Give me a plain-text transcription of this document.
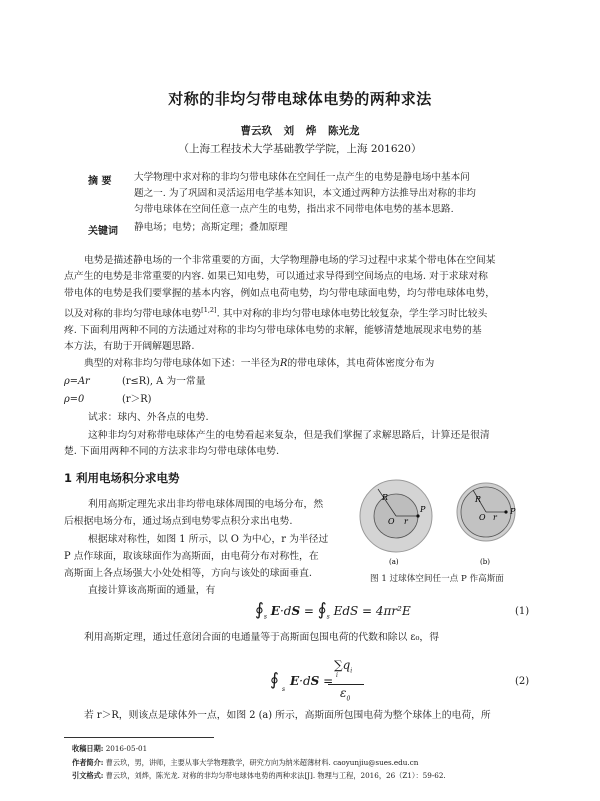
对称的非均匀带电球体电势的两种求法
曹云玖 刘 烨 陈光龙
（上海工程技术大学基础教学学院，上海 201620）
摘 要 大学物理中求对称的非均匀带电球体在空间任一点产生的电势是静电场中基本问
题之一. 为了巩固和灵活运用电学基本知识，本文通过两种方法推导出对称的非均
匀带电球体在空间任意一点产生的电势，指出求不同带电体电势的基本思路.
关键词 静电场；电势；高斯定理；叠加原理
电势是描述静电场的一个非常重要的方面，大学物理静电场的学习过程中求某个带电体在空间某
点产生的电势是非常重要的内容. 如果已知电势，可以通过求导得到空间场点的电场. 对于求球对称
带电体的电势是我们要掌握的基本内容，例如点电荷电势，均匀带电球面电势，均匀带电球体电势，
以及对称的非均匀带电球体电势[1,2]. 其中对称的非均匀带电球体电势比较复杂，学生学习时比较头
疼. 下面利用两种不同的方法通过对称的非均匀带电球体电势的求解，能够清楚地展现求电势的基
本方法，有助于开阔解题思路.
典型的对称非均匀带电球体如下述：一半径为R的带电球体，其电荷体密度分布为
ρ=Ar	(r≤R), A 为一常量
ρ=0	(r＞R)
试求：球内、外各点的电势.
这种非均匀对称带电球体产生的电势看起来复杂，但是我们掌握了求解思路后，计算还是很清
楚. 下面用两种不同的方法求非均匀带电球体电势.
1 利用电场积分求电势
利用高斯定理先求出非均带电球体周围的电场分布，然
后根据电场分布，通过场点到电势零点积分求出电势.
根据球对称性，如图 1 所示，以 O 为中心，r 为半径过
P 点作球面，取该球面作为高斯面，由电荷分布对称性，在
高斯面上各点场强大小处处相等，方向与该处的球面垂直.
直接计算该高斯面的通量，有
R
O r
P
(a)
R
O r
P
(b)
图 1 过球体空间任一点 P 作高斯面
$∮_s$ $E\cdot dS = ∮_s$ EdS = 4πr²E	(1)
利用高斯定理，通过任意闭合面的电通量等于高斯面包围电荷的代数和除以 ε₀，得
∮ s
E·dS =
$\sum q_i$
i
$\varepsilon_0$
(2)
若 r＞R，则该点是球体外一点，如图 2 (a) 所示，高斯面所包围电荷为整个球体上的电荷，所
收稿日期: 2016-05-01
作者简介: 曹云玖，男，讲师，主要从事大学物理教学，研究方向为纳米超薄材料. caoyunjiu@sues.edu.cn
引文格式: 曹云玖，刘烨，陈光龙. 对称的非均匀带电球体电势的两种求法[J]. 物理与工程，2016，26（Z1）：59-62.
